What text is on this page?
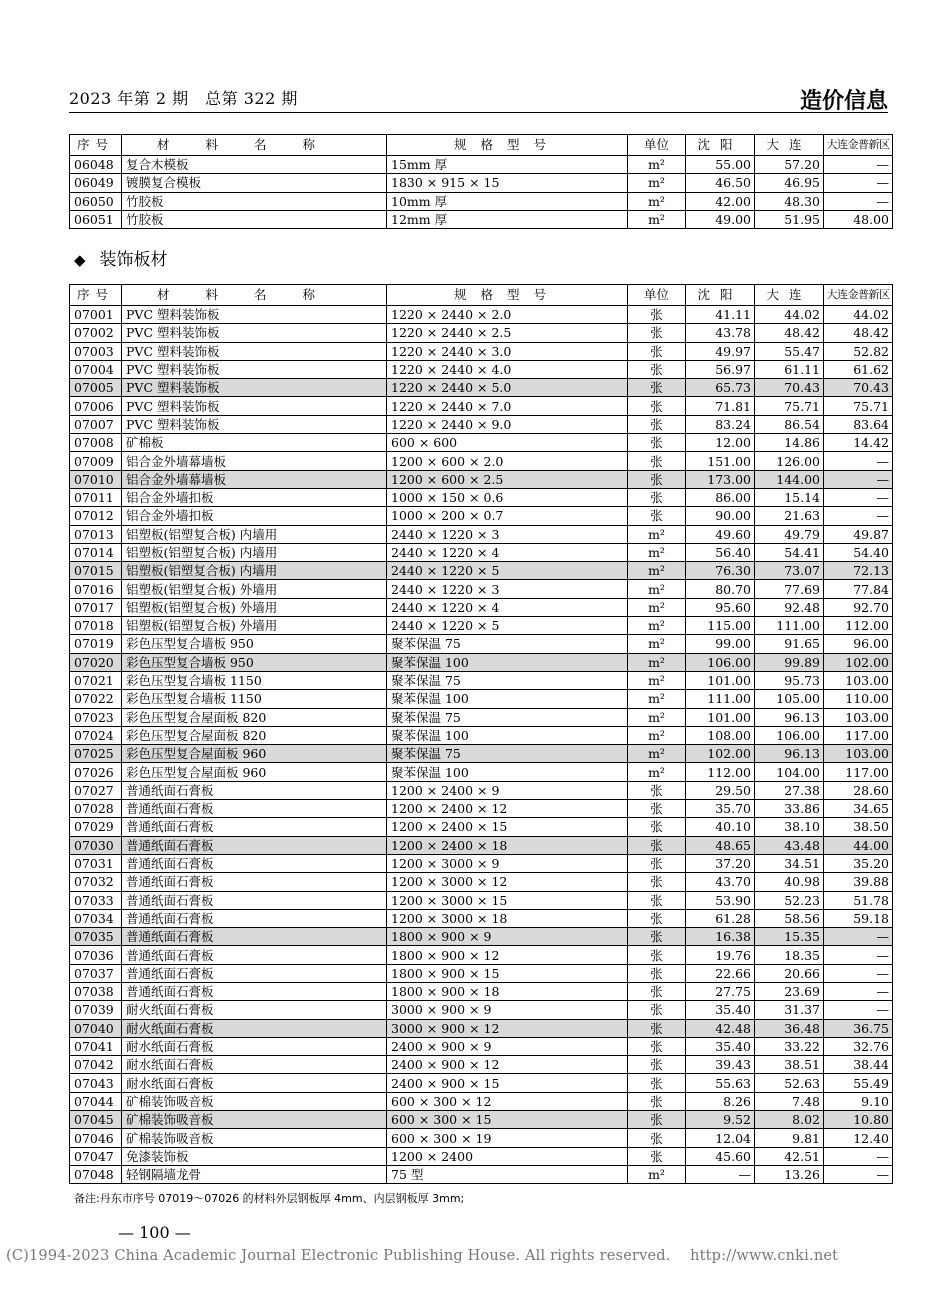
2023 年第 2 期　总第 322 期	造价信息
序号	材料名称	规格型号	单位	沈阳	大连	大连金普新区
06048	复合木模板	15mm 厚	m²	55.00	57.20	—
06049	镀膜复合模板	1830 × 915 × 15	m²	46.50	46.95	—
06050	竹胶板	10mm 厚	m²	42.00	48.30	—
06051	竹胶板	12mm 厚	m²	49.00	51.95	48.00
◆ 装饰板材
序号	材料名称	规格型号	单位	沈阳	大连	大连金普新区
07001	PVC 塑料装饰板	1220 × 2440 × 2.0	张	41.11	44.02	44.02
07002	PVC 塑料装饰板	1220 × 2440 × 2.5	张	43.78	48.42	48.42
07003	PVC 塑料装饰板	1220 × 2440 × 3.0	张	49.97	55.47	52.82
07004	PVC 塑料装饰板	1220 × 2440 × 4.0	张	56.97	61.11	61.62
07005	PVC 塑料装饰板	1220 × 2440 × 5.0	张	65.73	70.43	70.43
07006	PVC 塑料装饰板	1220 × 2440 × 7.0	张	71.81	75.71	75.71
07007	PVC 塑料装饰板	1220 × 2440 × 9.0	张	83.24	86.54	83.64
07008	矿棉板	600 × 600	张	12.00	14.86	14.42
07009	铝合金外墙幕墙板	1200 × 600 × 2.0	张	151.00	126.00	—
07010	铝合金外墙幕墙板	1200 × 600 × 2.5	张	173.00	144.00	—
07011	铝合金外墙扣板	1000 × 150 × 0.6	张	86.00	15.14	—
07012	铝合金外墙扣板	1000 × 200 × 0.7	张	90.00	21.63	—
07013	铝塑板(铝塑复合板) 内墙用	2440 × 1220 × 3	m²	49.60	49.79	49.87
07014	铝塑板(铝塑复合板) 内墙用	2440 × 1220 × 4	m²	56.40	54.41	54.40
07015	铝塑板(铝塑复合板) 内墙用	2440 × 1220 × 5	m²	76.30	73.07	72.13
07016	铝塑板(铝塑复合板) 外墙用	2440 × 1220 × 3	m²	80.70	77.69	77.84
07017	铝塑板(铝塑复合板) 外墙用	2440 × 1220 × 4	m²	95.60	92.48	92.70
07018	铝塑板(铝塑复合板) 外墙用	2440 × 1220 × 5	m²	115.00	111.00	112.00
07019	彩色压型复合墙板 950	聚苯保温 75	m²	99.00	91.65	96.00
07020	彩色压型复合墙板 950	聚苯保温 100	m²	106.00	99.89	102.00
07021	彩色压型复合墙板 1150	聚苯保温 75	m²	101.00	95.73	103.00
07022	彩色压型复合墙板 1150	聚苯保温 100	m²	111.00	105.00	110.00
07023	彩色压型复合屋面板 820	聚苯保温 75	m²	101.00	96.13	103.00
07024	彩色压型复合屋面板 820	聚苯保温 100	m²	108.00	106.00	117.00
07025	彩色压型复合屋面板 960	聚苯保温 75	m²	102.00	96.13	103.00
07026	彩色压型复合屋面板 960	聚苯保温 100	m²	112.00	104.00	117.00
07027	普通纸面石膏板	1200 × 2400 × 9	张	29.50	27.38	28.60
07028	普通纸面石膏板	1200 × 2400 × 12	张	35.70	33.86	34.65
07029	普通纸面石膏板	1200 × 2400 × 15	张	40.10	38.10	38.50
07030	普通纸面石膏板	1200 × 2400 × 18	张	48.65	43.48	44.00
07031	普通纸面石膏板	1200 × 3000 × 9	张	37.20	34.51	35.20
07032	普通纸面石膏板	1200 × 3000 × 12	张	43.70	40.98	39.88
07033	普通纸面石膏板	1200 × 3000 × 15	张	53.90	52.23	51.78
07034	普通纸面石膏板	1200 × 3000 × 18	张	61.28	58.56	59.18
07035	普通纸面石膏板	1800 × 900 × 9	张	16.38	15.35	—
07036	普通纸面石膏板	1800 × 900 × 12	张	19.76	18.35	—
07037	普通纸面石膏板	1800 × 900 × 15	张	22.66	20.66	—
07038	普通纸面石膏板	1800 × 900 × 18	张	27.75	23.69	—
07039	耐火纸面石膏板	3000 × 900 × 9	张	35.40	31.37	—
07040	耐火纸面石膏板	3000 × 900 × 12	张	42.48	36.48	36.75
07041	耐水纸面石膏板	2400 × 900 × 9	张	35.40	33.22	32.76
07042	耐水纸面石膏板	2400 × 900 × 12	张	39.43	38.51	38.44
07043	耐水纸面石膏板	2400 × 900 × 15	张	55.63	52.63	55.49
07044	矿棉装饰吸音板	600 × 300 × 12	张	8.26	7.48	9.10
07045	矿棉装饰吸音板	600 × 300 × 15	张	9.52	8.02	10.80
07046	矿棉装饰吸音板	600 × 300 × 19	张	12.04	9.81	12.40
07047	免漆装饰板	1200 × 2400	张	45.60	42.51	—
07048	轻钢隔墙龙骨	75 型	m²	—	13.26	—
备注:丹东市序号 07019～07026 的材料外层钢板厚 4mm、内层钢板厚 3mm;
— 100 —
(C)1994-2023 China Academic Journal Electronic Publishing House. All rights reserved.　 http://www.cnki.net
